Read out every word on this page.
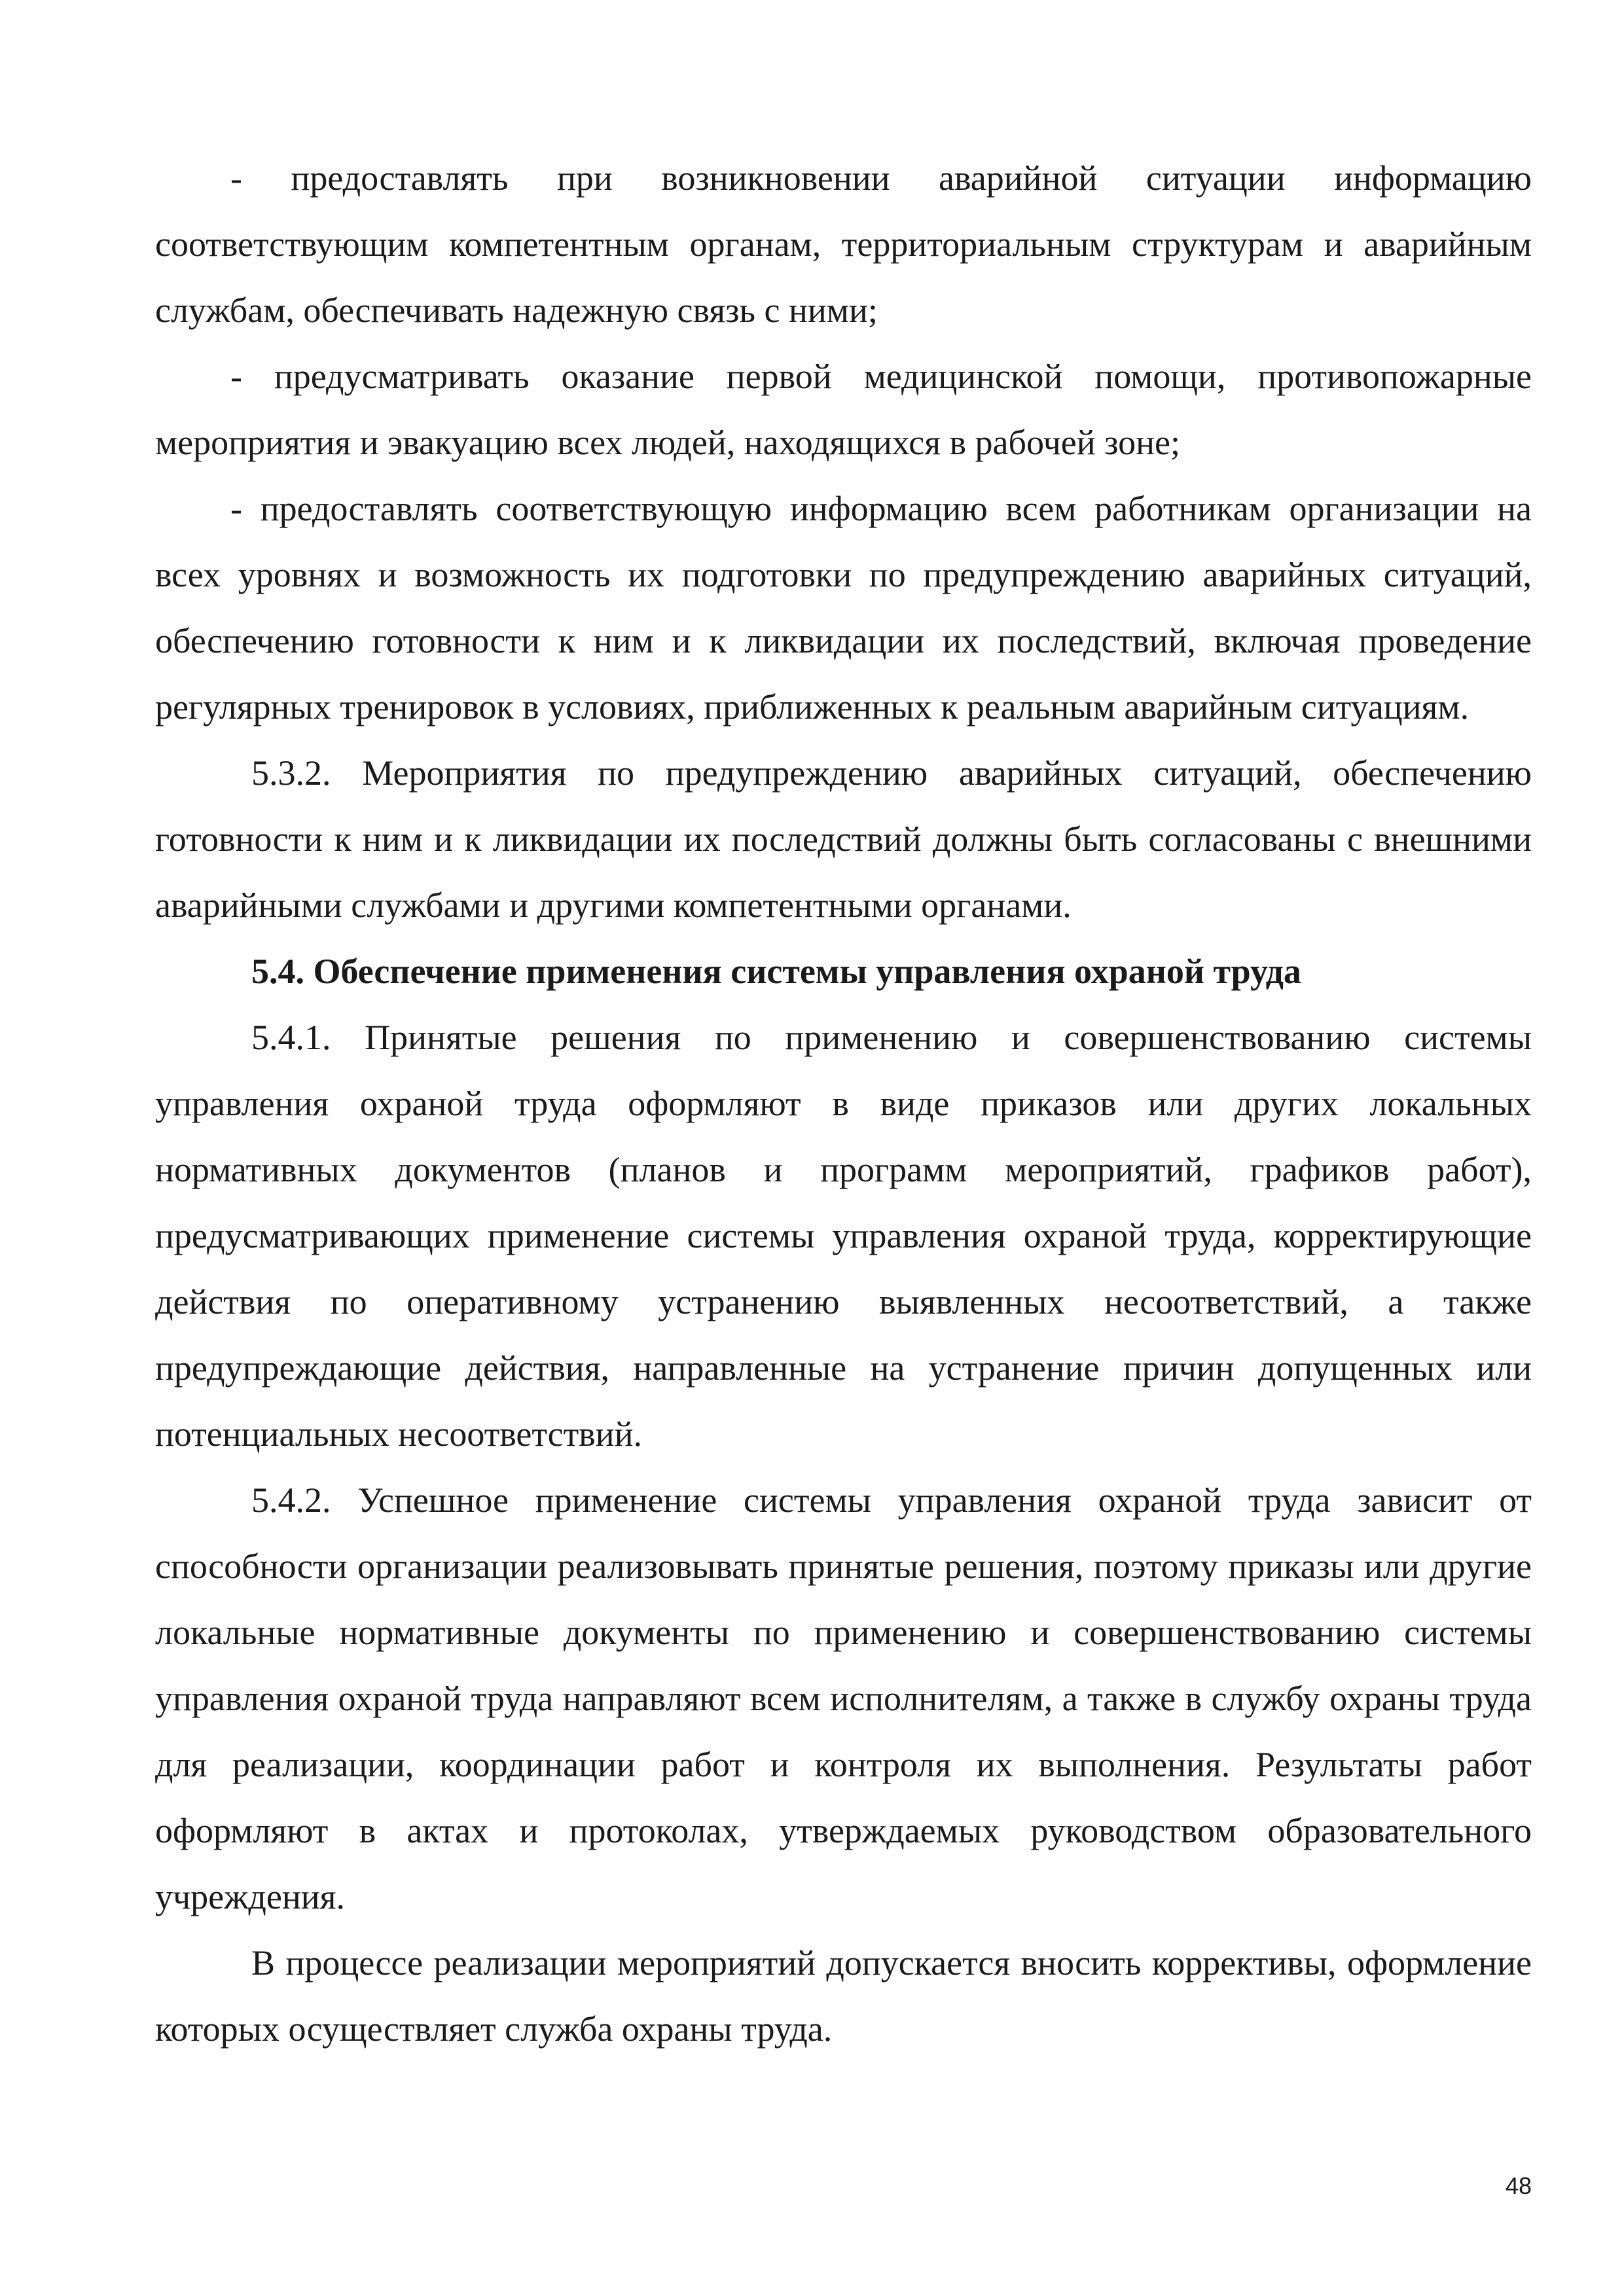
- предоставлять при возникновении аварийной ситуации информацию соответствующим компетентным органам, территориальным структурам и аварийным службам, обеспечивать надежную связь с ними;

- предусматривать оказание первой медицинской помощи, противопожарные мероприятия и эвакуацию всех людей, находящихся в рабочей зоне;

- предоставлять соответствующую информацию всем работникам организации на всех уровнях и возможность их подготовки по предупреждению аварийных ситуаций, обеспечению готовности к ним и к ликвидации их последствий, включая проведение регулярных тренировок в условиях, приближенных к реальным аварийным ситуациям.

5.3.2. Мероприятия по предупреждению аварийных ситуаций, обеспечению готовности к ним и к ликвидации их последствий должны быть согласованы с внешними аварийными службами и другими компетентными органами.

5.4. Обеспечение применения системы управления охраной труда

5.4.1. Принятые решения по применению и совершенствованию системы управления охраной труда оформляют в виде приказов или других локальных нормативных документов (планов и программ мероприятий, графиков работ), предусматривающих применение системы управления охраной труда, корректирующие действия по оперативному устранению выявленных несоответствий, а также предупреждающие действия, направленные на устранение причин допущенных или потенциальных несоответствий.

5.4.2. Успешное применение системы управления охраной труда зависит от способности организации реализовывать принятые решения, поэтому приказы или другие локальные нормативные документы по применению и совершенствованию системы управления охраной труда направляют всем исполнителям, а также в службу охраны труда для реализации, координации работ и контроля их выполнения. Результаты работ оформляют в актах и протоколах, утверждаемых руководством образовательного учреждения.

В процессе реализации мероприятий допускается вносить коррективы, оформление которых осуществляет служба охраны труда.

48
